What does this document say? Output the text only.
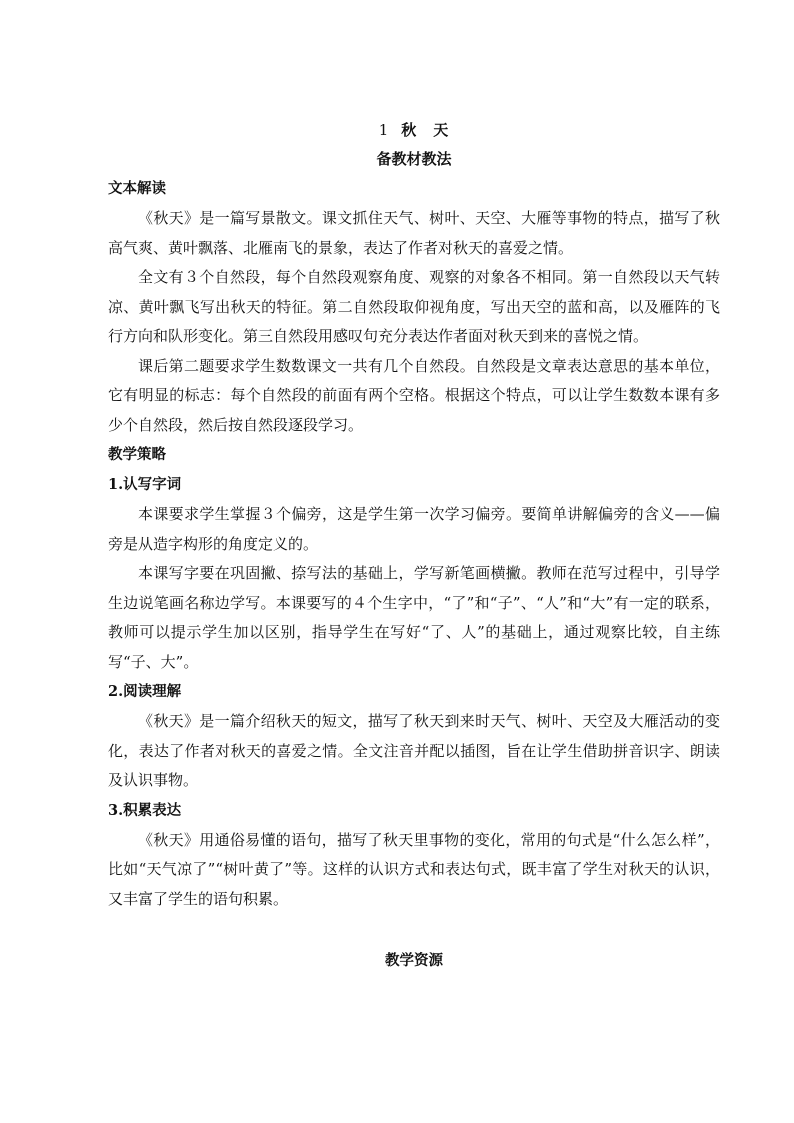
1 秋　天
备教材教法
文本解读

《秋天》是一篇写景散文。课文抓住天气、树叶、天空、大雁等事物的特点，描写了秋高气爽、黄叶飘落、北雁南飞的景象，表达了作者对秋天的喜爱之情。

全文有３个自然段，每个自然段观察角度、观察的对象各不相同。第一自然段以天气转凉、黄叶飘飞写出秋天的特征。第二自然段取仰视角度，写出天空的蓝和高，以及雁阵的飞行方向和队形变化。第三自然段用感叹句充分表达作者面对秋天到来的喜悦之情。

课后第二题要求学生数数课文一共有几个自然段。自然段是文章表达意思的基本单位，它有明显的标志：每个自然段的前面有两个空格。根据这个特点，可以让学生数数本课有多少个自然段，然后按自然段逐段学习。

教学策略
1.认写字词

本课要求学生掌握３个偏旁，这是学生第一次学习偏旁。要简单讲解偏旁的含义——偏旁是从造字构形的角度定义的。

本课写字要在巩固撇、捺写法的基础上，学写新笔画横撇。教师在范写过程中，引导学生边说笔画名称边学写。本课要写的４个生字中，“了”和“子”、“人”和“大”有一定的联系，教师可以提示学生加以区别，指导学生在写好“了、人”的基础上，通过观察比较，自主练写“子、大”。

2.阅读理解

《秋天》是一篇介绍秋天的短文，描写了秋天到来时天气、树叶、天空及大雁活动的变化，表达了作者对秋天的喜爱之情。全文注音并配以插图，旨在让学生借助拼音识字、朗读及认识事物。

3.积累表达

《秋天》用通俗易懂的语句，描写了秋天里事物的变化，常用的句式是“什么怎么样”，比如“天气凉了”“树叶黄了”等。这样的认识方式和表达句式，既丰富了学生对秋天的认识，又丰富了学生的语句积累。

教学资源
